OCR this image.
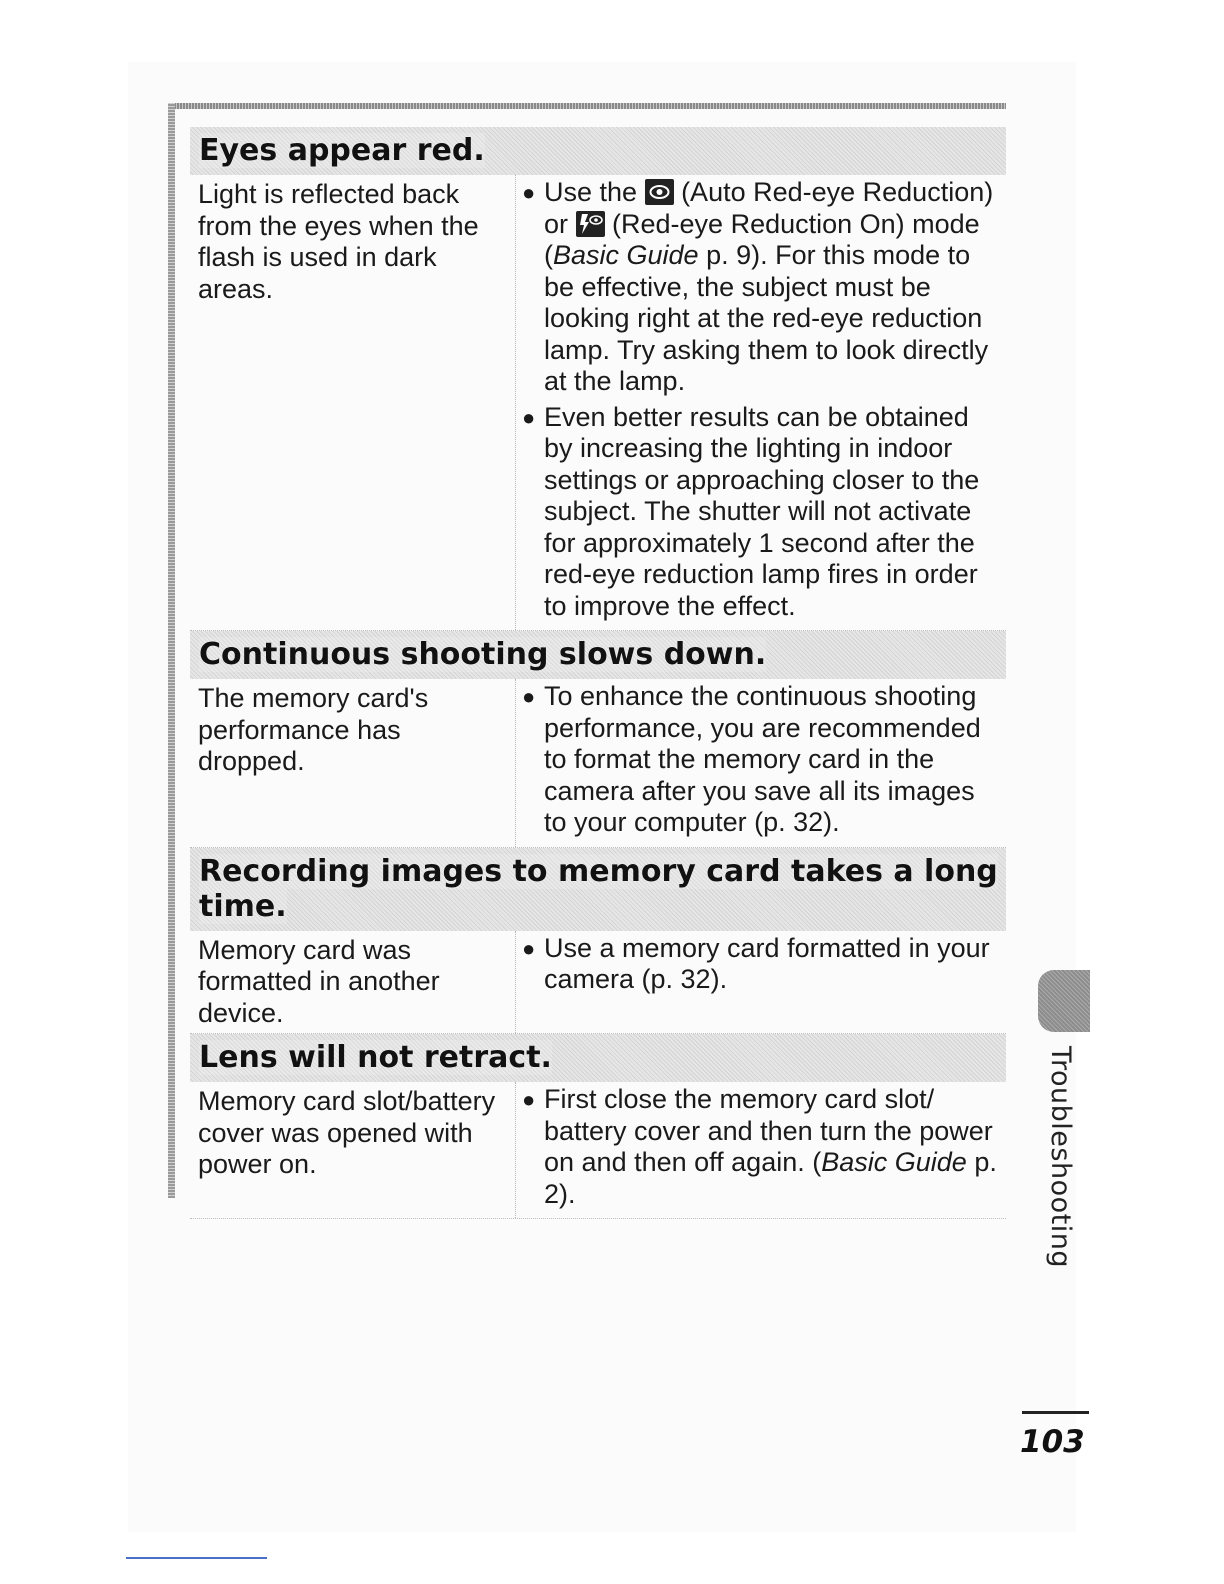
Eyes appear red.
Light is reflected back from the eyes when the flash is used in dark areas.
● Use the
(Auto Red-eye Reduction) or
(Red-eye Reduction On) mode (Basic Guide p. 9). For this mode to be effective, the subject must be looking right at the red-eye reduction lamp. Try asking them to look directly at the lamp.
● Even better results can be obtained by increasing the lighting in indoor settings or approaching closer to the subject. The shutter will not activate for approximately 1 second after the red-eye reduction lamp fires in order to improve the effect.
Continuous shooting slows down.
The memory card's performance has dropped.
● To enhance the continuous shooting performance, you are recommended to format the memory card in the camera after you save all its images to your computer (p. 32).
Recording images to memory card takes a long time.
Memory card was formatted in another device.
● Use a memory card formatted in your camera (p. 32).
Lens will not retract.
Memory card slot/battery cover was opened with power on.
● First close the memory card slot/ battery cover and then turn the power on and then off again. (Basic Guide p. 2).	Troubleshooting
103
